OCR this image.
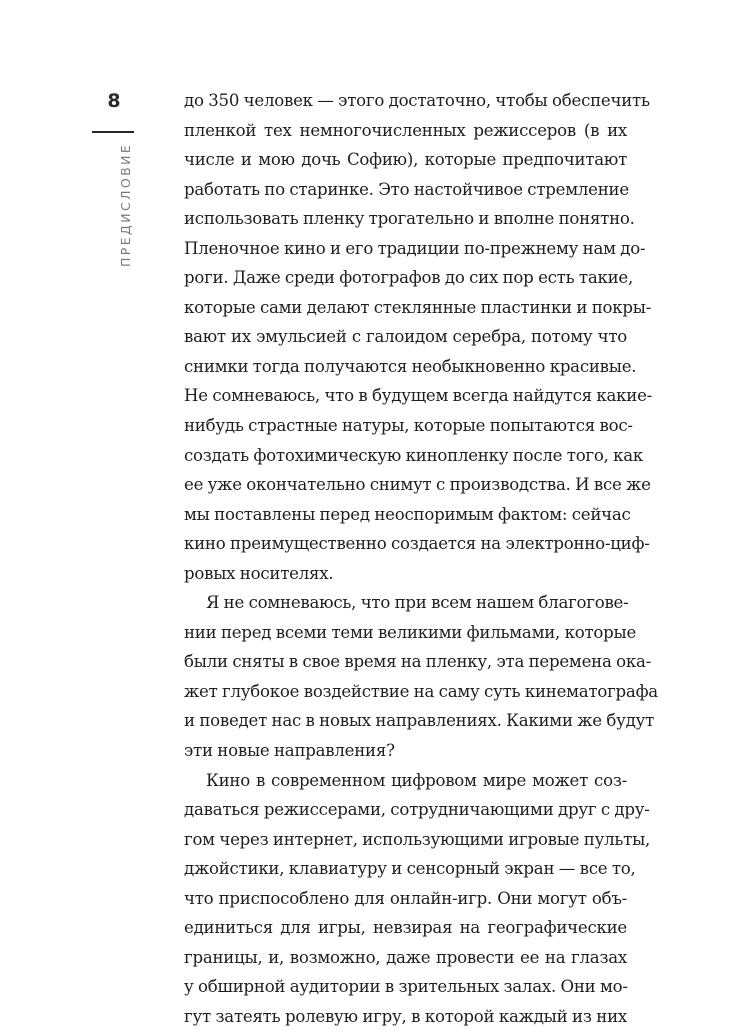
8
ПРЕДИСЛОВИЕ
до 350 человек — этого достаточно, чтобы обеспечить
пленкой тех немногочисленных режиссеров (в их
числе и мою дочь Софию), которые предпочитают
работать по старинке. Это настойчивое стремление
использовать пленку трогательно и вполне понятно.
Пленочное кино и его традиции по-прежнему нам до-
роги. Даже среди фотографов до сих пор есть такие,
которые сами делают стеклянные пластинки и покры-
вают их эмульсией с галоидом серебра, потому что
снимки тогда получаются необыкновенно красивые.
Не сомневаюсь, что в будущем всегда найдутся какие-
нибудь страстные натуры, которые попытаются вос-
создать фотохимическую кинопленку после того, как
ее уже окончательно снимут с производства. И все же
мы поставлены перед неоспоримым фактом: сейчас
кино преимущественно создается на электронно-циф-
ровых носителях.
Я не сомневаюсь, что при всем нашем благогове-
нии перед всеми теми великими фильмами, которые
были сняты в свое время на пленку, эта перемена ока-
жет глубокое воздействие на саму суть кинематографа
и поведет нас в новых направлениях. Какими же будут
эти новые направления?
Кино в современном цифровом мире может соз-
даваться режиссерами, сотрудничающими друг с дру-
гом через интернет, использующими игровые пульты,
джойстики, клавиатуру и сенсорный экран — все то,
что приспособлено для онлайн-игр. Они могут объ-
единиться для игры, невзирая на географические
границы, и, возможно, даже провести ее на глазах
у обширной аудитории в зрительных залах. Они мо-
гут затеять ролевую игру, в которой каждый из них
